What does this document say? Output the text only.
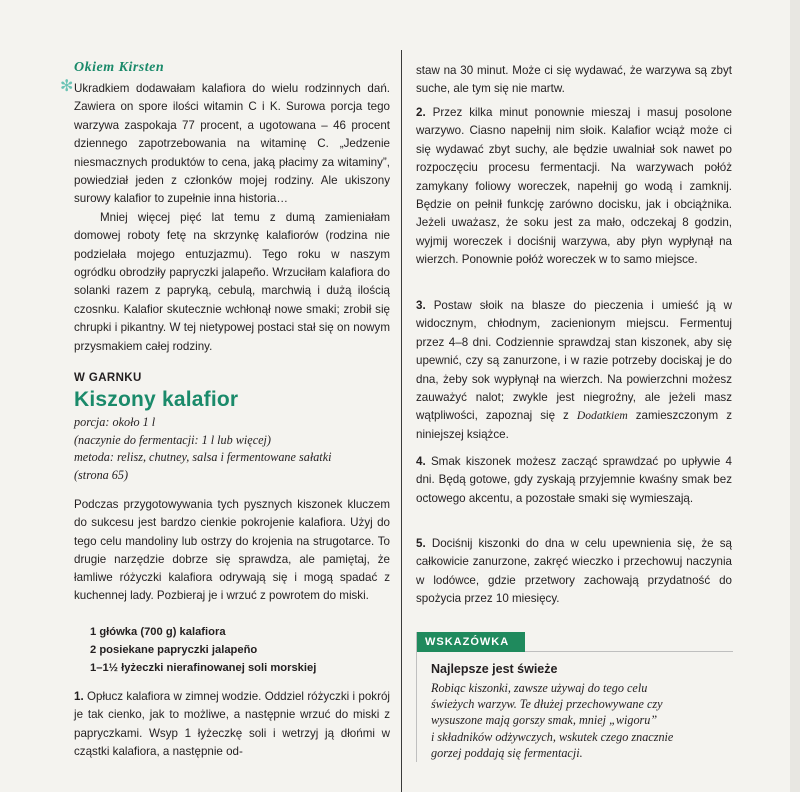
Okiem Kirsten
✻ Ukradkiem dodawałam kalafiora do wielu rodzinnych dań. Zawiera on spore ilości witamin C i K. Surowa porcja tego warzywa zaspokaja 77 procent, a ugotowana – 46 procent dziennego zapotrzebowania na witaminę C. „Jedzenie niesmacznych produktów to cena, jaką płacimy za witaminy”, powiedział jeden z członków mojej rodziny. Ale ukiszony surowy kalafior to zupełnie inna historia…

Mniej więcej pięć lat temu z dumą zamieniałam domowej roboty fetę na skrzynkę kalafiorów (rodzina nie podzielała mojego entuzjazmu). Tego roku w naszym ogródku obrodziły papryczki jalapeño. Wrzuciłam kalafiora do solanki razem z papryką, cebulą, marchwią i dużą ilością czosnku. Kalafior skutecznie wchłonął nowe smaki; zrobił się chrupki i pikantny. W tej nietypowej postaci stał się on nowym przysmakiem całej rodziny.

W GARNKU
Kiszony kalafior
porcja: około 1 l
(naczynie do fermentacji: 1 l lub więcej)
metoda: relisz, chutney, salsa i fermentowane sałatki
(strona 65)

Podczas przygotowywania tych pysznych kiszonek kluczem do sukcesu jest bardzo cienkie pokrojenie kalafiora. Użyj do tego celu mandoliny lub ostrzy do krojenia na strugotarce. To drugie narzędzie dobrze się sprawdza, ale pamiętaj, że łamliwe różyczki kalafiora odrywają się i mogą spadać z kuchennej lady. Pozbieraj je i wrzuć z powrotem do miski.

1 główka (700 g) kalafiora
2 posiekane papryczki jalapeño
1–1½ łyżeczki nierafinowanej soli morskiej

1. Opłucz kalafiora w zimnej wodzie. Oddziel różyczki i pokrój je tak cienko, jak to możliwe, a następnie wrzuć do miski z papryczkami. Wsyp 1 łyżeczkę soli i wetrzyj ją dłońmi w cząstki kalafiora, a następnie od-

staw na 30 minut. Może ci się wydawać, że warzywa są zbyt suche, ale tym się nie martw.

2. Przez kilka minut ponownie mieszaj i masuj posolone warzywo. Ciasno napełnij nim słoik. Kalafior wciąż może ci się wydawać zbyt suchy, ale będzie uwalniał sok nawet po rozpoczęciu procesu fermentacji. Na warzywach połóż zamykany foliowy woreczek, napełnij go wodą i zamknij. Będzie on pełnił funkcję zarówno docisku, jak i obciążnika. Jeżeli uważasz, że soku jest za mało, odczekaj 8 godzin, wyjmij woreczek i dociśnij warzywa, aby płyn wypłynął na wierzch. Ponownie połóż woreczek w to samo miejsce.

3. Postaw słoik na blasze do pieczenia i umieść ją w widocznym, chłodnym, zacienionym miejscu. Fermentuj przez 4–8 dni. Codziennie sprawdzaj stan kiszonek, aby się upewnić, czy są zanurzone, i w razie potrzeby dociskaj je do dna, żeby sok wypłynął na wierzch. Na powierzchni możesz zauważyć nalot; zwykle jest niegroźny, ale jeżeli masz wątpliwości, zapoznaj się z Dodatkiem zamieszczonym z niniejszej książce.

4. Smak kiszonek możesz zacząć sprawdzać po upływie 4 dni. Będą gotowe, gdy zyskają przyjemnie kwaśny smak bez octowego akcentu, a pozostałe smaki się wymieszają.

5. Dociśnij kiszonki do dna w celu upewnienia się, że są całkowicie zanurzone, zakręć wieczko i przechowuj naczynia w lodówce, gdzie przetwory zachowają przydatność do spożycia przez 10 miesięcy.

WSKAZÓWKA
Najlepsze jest świeże
Robiąc kiszonki, zawsze używaj do tego celu
świeżych warzyw. Te dłużej przechowywane czy
wysuszone mają gorszy smak, mniej „wigoru”
i składników odżywczych, wskutek czego znacznie
gorzej poddają się fermentacji.
